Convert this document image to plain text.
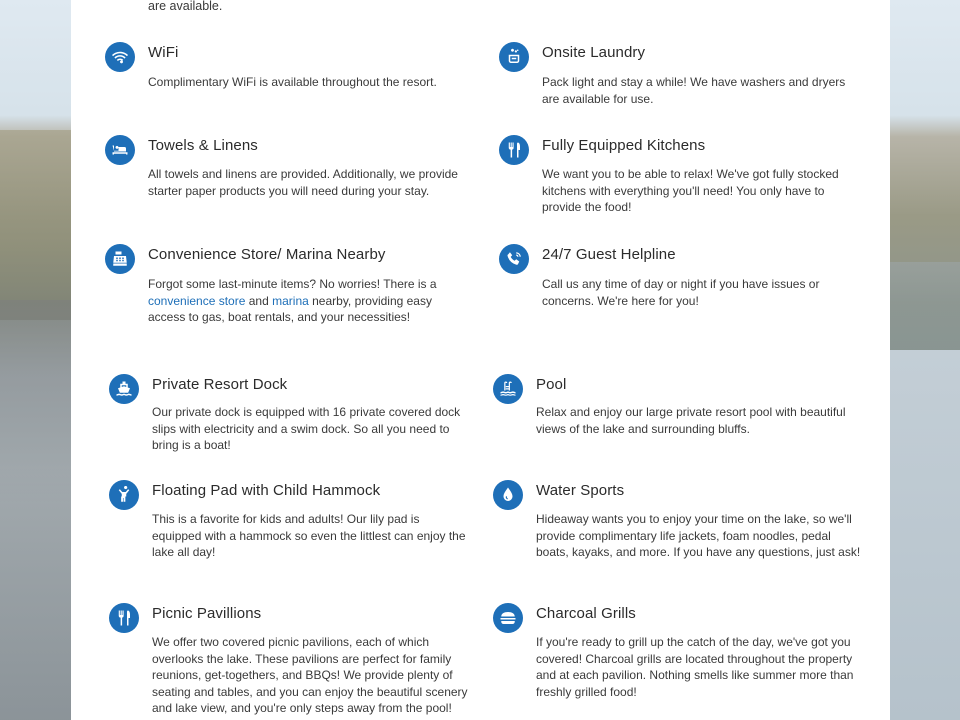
are available.
WiFi
Complimentary WiFi is available throughout the resort.
Onsite Laundry
Pack light and stay a while! We have washers and dryers are available for use.
Towels & Linens
All towels and linens are provided. Additionally, we provide starter paper products you will need during your stay.
Fully Equipped Kitchens
We want you to be able to relax! We've got fully stocked kitchens with everything you'll need! You only have to provide the food!
Convenience Store/ Marina Nearby
Forgot some last-minute items? No worries! There is a convenience store and marina nearby, providing easy access to gas, boat rentals, and your necessities!
24/7 Guest Helpline
Call us any time of day or night if you have issues or concerns. We're here for you!
Private Resort Dock
Our private dock is equipped with 16 private covered dock slips with electricity and a swim dock. So all you need to bring is a boat!
Pool
Relax and enjoy our large private resort pool with beautiful views of the lake and surrounding bluffs.
Floating Pad with Child Hammock
This is a favorite for kids and adults! Our lily pad is equipped with a hammock so even the littlest can enjoy the lake all day!
Water Sports
Hideaway wants you to enjoy your time on the lake, so we'll provide complimentary life jackets, foam noodles, pedal boats, kayaks, and more. If you have any questions, just ask!
Picnic Pavillions
We offer two covered picnic pavilions, each of which overlooks the lake. These pavilions are perfect for family reunions, get-togethers, and BBQs! We provide plenty of seating and tables, and you can enjoy the beautiful scenery and lake view, and you're only steps away from the pool!
Charcoal Grills
If you're ready to grill up the catch of the day, we've got you covered! Charcoal grills are located throughout the property and at each pavilion. Nothing smells like summer more than freshly grilled food!
